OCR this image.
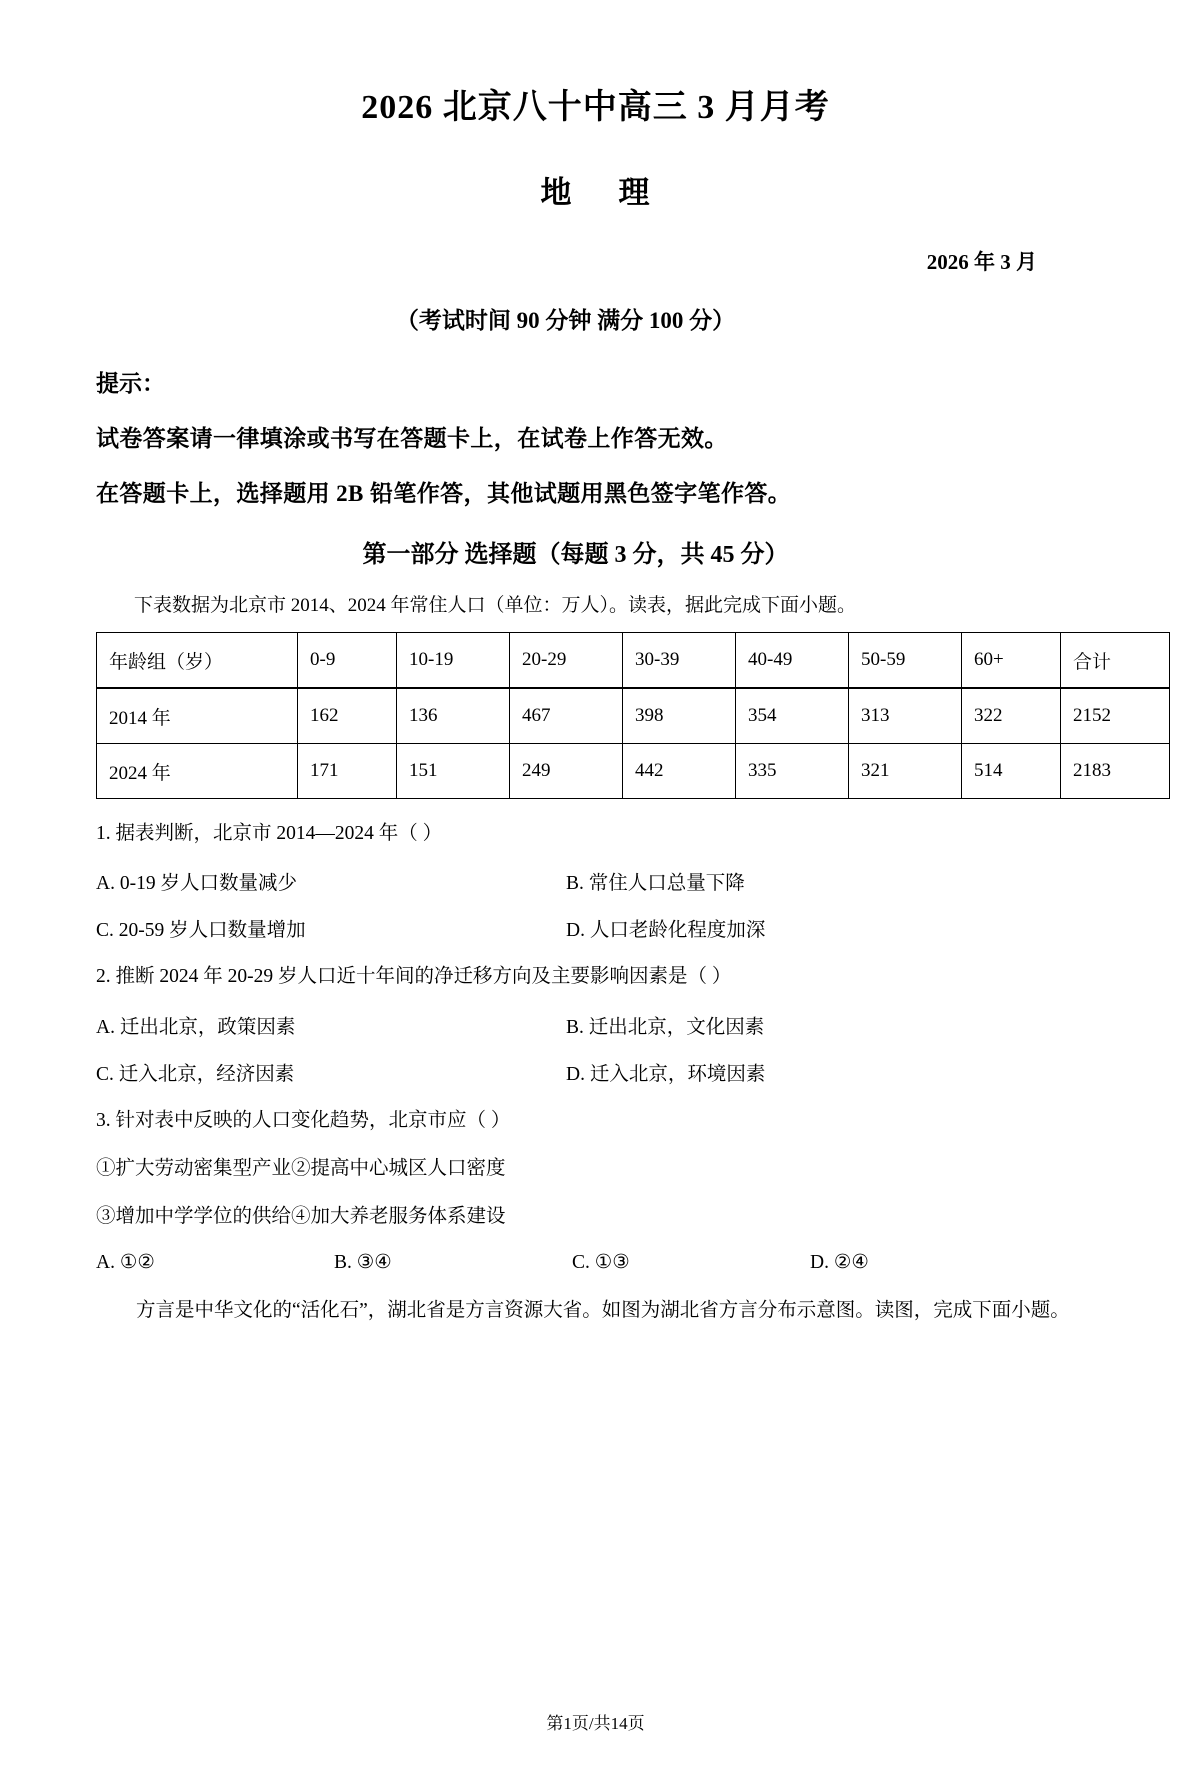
2026 北京八十中高三 3 月月考
地 理
2026 年 3 月
（考试时间 90 分钟 满分 100 分）
提示：
试卷答案请一律填涂或书写在答题卡上，在试卷上作答无效。
在答题卡上，选择题用 2B 铅笔作答，其他试题用黑色签字笔作答。
第一部分 选择题（每题 3 分，共 45 分）
下表数据为北京市 2014、2024 年常住人口（单位：万人）。读表，据此完成下面小题。
年龄组（岁）	0-9	10-19	20-29	30-39	40-49	50-59	60+	合计
2014 年	162	136	467	398	354	313	322	2152
2024 年	171	151	249	442	335	321	514	2183
1. 据表判断，北京市 2014—2024 年（ ）
A. 0-19 岁人口数量减少	B. 常住人口总量下降
C. 20-59 岁人口数量增加	D. 人口老龄化程度加深
2. 推断 2024 年 20-29 岁人口近十年间的净迁移方向及主要影响因素是（ ）
A. 迁出北京，政策因素	B. 迁出北京，文化因素
C. 迁入北京，经济因素	D. 迁入北京，环境因素
3. 针对表中反映的人口变化趋势，北京市应（ ）
①扩大劳动密集型产业②提高中心城区人口密度
③增加中学学位的供给④加大养老服务体系建设
A. ①②	B. ③④	C. ①③	D. ②④
方言是中华文化的“活化石”，湖北省是方言资源大省。如图为湖北省方言分布示意图。读图，完成下面小题。
第1页/共14页
